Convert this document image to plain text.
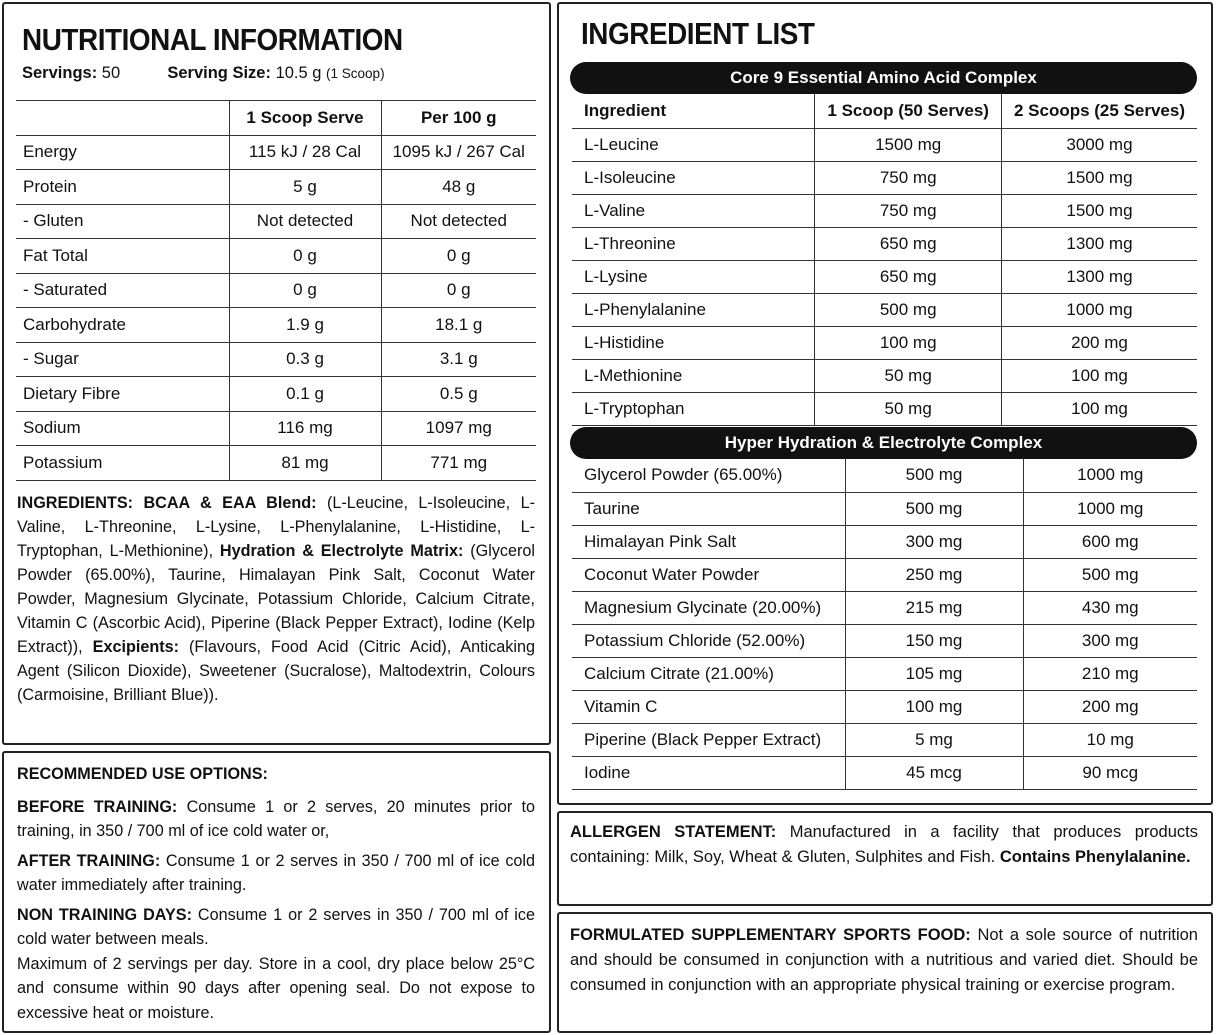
NUTRITIONAL INFORMATION
Servings: 50	Serving Size: 10.5 g (1 Scoop)
	1 Scoop Serve	Per 100 g
Energy	115 kJ / 28 Cal	1095 kJ / 267 Cal
Protein	5 g	48 g
- Gluten	Not detected	Not detected
Fat Total	0 g	0 g
- Saturated	0 g	0 g
Carbohydrate	1.9 g	18.1 g
- Sugar	0.3 g	3.1 g
Dietary Fibre	0.1 g	0.5 g
Sodium	116 mg	1097 mg
Potassium	81 mg	771 mg
INGREDIENTS: BCAA & EAA Blend: (L-Leucine, L-Isoleucine, L-Valine, L-Threonine, L-Lysine, L-Phenylalanine, L-Histidine, L-Tryptophan, L-Methionine), Hydration & Electrolyte Matrix: (Glycerol Powder (65.00%), Taurine, Himalayan Pink Salt, Coconut Water Powder, Magnesium Glycinate, Potassium Chloride, Calcium Citrate, Vitamin C (Ascorbic Acid), Piperine (Black Pepper Extract), Iodine (Kelp Extract)), Excipients: (Flavours, Food Acid (Citric Acid), Anticaking Agent (Silicon Dioxide), Sweetener (Sucralose), Maltodextrin, Colours (Carmoisine, Brilliant Blue)).

RECOMMENDED USE OPTIONS:

BEFORE TRAINING: Consume 1 or 2 serves, 20 minutes prior to training, in 350 / 700 ml of ice cold water or,

AFTER TRAINING: Consume 1 or 2 serves in 350 / 700 ml of ice cold water immediately after training.

NON TRAINING DAYS: Consume 1 or 2 serves in 350 / 700 ml of ice cold water between meals.

Maximum of 2 servings per day. Store in a cool, dry place below 25°C and consume within 90 days after opening seal. Do not expose to excessive heat or moisture.

INGREDIENT LIST
Core 9 Essential Amino Acid Complex
Ingredient	1 Scoop (50 Serves)	2 Scoops (25 Serves)
L-Leucine	1500 mg	3000 mg
L-Isoleucine	750 mg	1500 mg
L-Valine	750 mg	1500 mg
L-Threonine	650 mg	1300 mg
L-Lysine	650 mg	1300 mg
L-Phenylalanine	500 mg	1000 mg
L-Histidine	100 mg	200 mg
L-Methionine	50 mg	100 mg
L-Tryptophan	50 mg	100 mg
Hyper Hydration & Electrolyte Complex
Glycerol Powder (65.00%)	500 mg	1000 mg
Taurine	500 mg	1000 mg
Himalayan Pink Salt	300 mg	600 mg
Coconut Water Powder	250 mg	500 mg
Magnesium Glycinate (20.00%)	215 mg	430 mg
Potassium Chloride (52.00%)	150 mg	300 mg
Calcium Citrate (21.00%)	105 mg	210 mg
Vitamin C	100 mg	200 mg
Piperine (Black Pepper Extract)	5 mg	10 mg
Iodine	45 mcg	90 mcg
ALLERGEN STATEMENT: Manufactured in a facility that produces products containing: Milk, Soy, Wheat & Gluten, Sulphites and Fish. Contains Phenylalanine.
FORMULATED SUPPLEMENTARY SPORTS FOOD: Not a sole source of nutrition and should be consumed in conjunction with a nutritious and varied diet. Should be consumed in conjunction with an appropriate physical training or exercise program.
